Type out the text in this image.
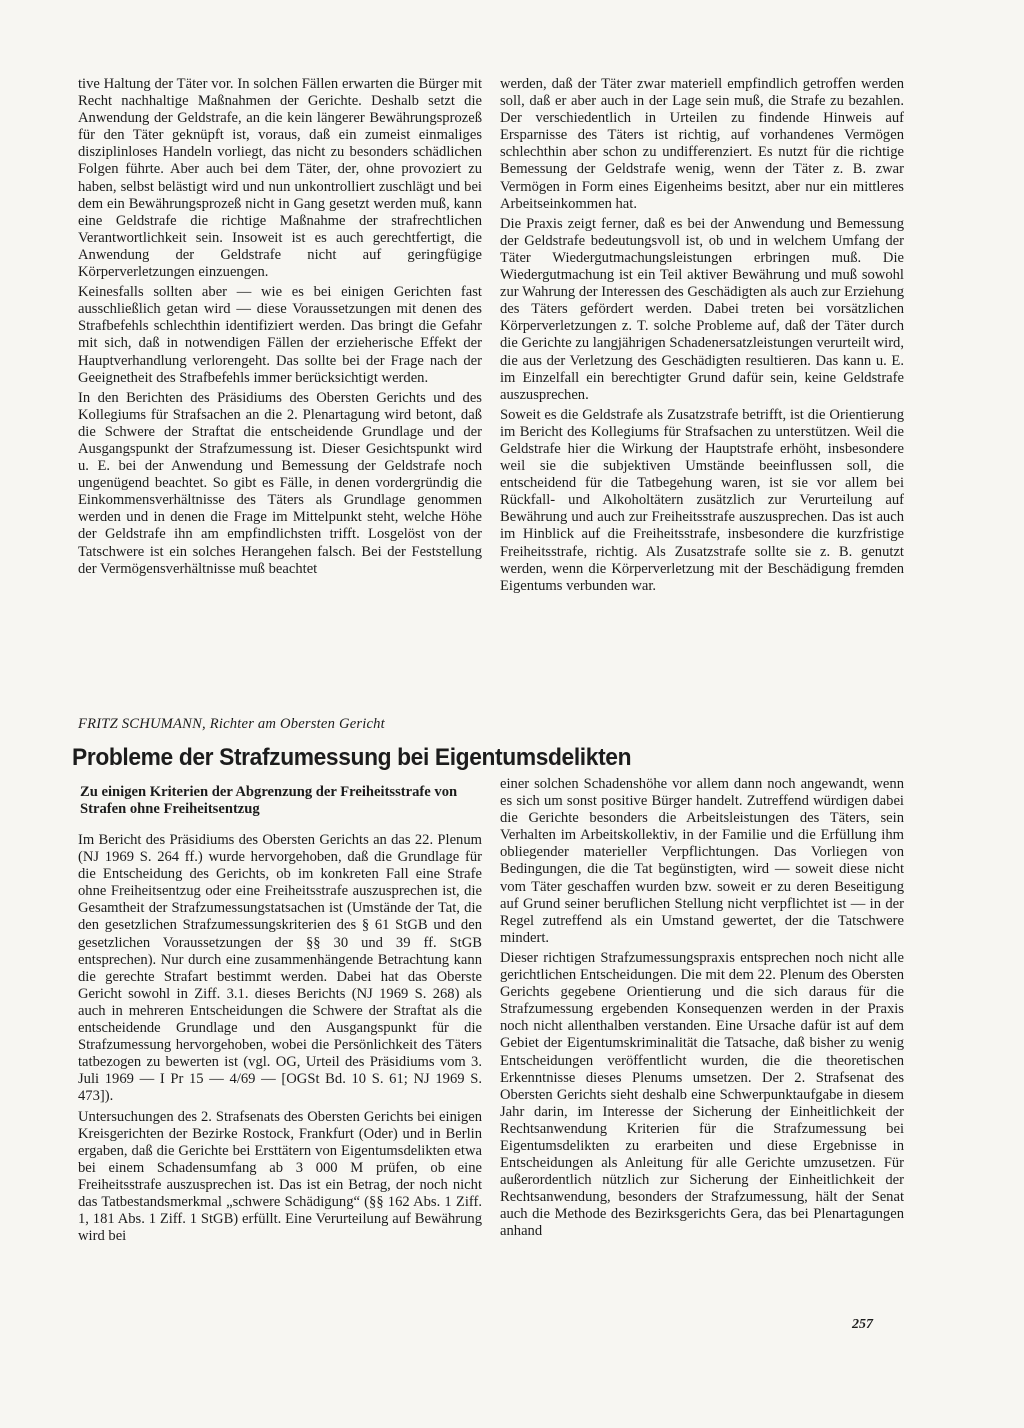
tive Haltung der Täter vor. In solchen Fällen erwarten die Bürger mit Recht nachhaltige Maßnahmen der Gerichte. Deshalb setzt die Anwendung der Geldstrafe, an die kein längerer Bewährungsprozeß für den Täter geknüpft ist, voraus, daß ein zumeist einmaliges disziplinloses Handeln vorliegt, das nicht zu besonders schädlichen Folgen führte. Aber auch bei dem Täter, der, ohne provoziert zu haben, selbst belästigt wird und nun unkontrolliert zuschlägt und bei dem ein Bewährungsprozeß nicht in Gang gesetzt werden muß, kann eine Geldstrafe die richtige Maßnahme der strafrechtlichen Verantwortlichkeit sein. Insoweit ist es auch gerechtfertigt, die Anwendung der Geldstrafe nicht auf geringfügige Körperverletzungen einzuengen.

Keinesfalls sollten aber — wie es bei einigen Gerichten fast ausschließlich getan wird — diese Voraussetzungen mit denen des Strafbefehls schlechthin identifiziert werden. Das bringt die Gefahr mit sich, daß in notwendigen Fällen der erzieherische Effekt der Hauptverhandlung verlorengeht. Das sollte bei der Frage nach der Geeignetheit des Strafbefehls immer berücksichtigt werden.

In den Berichten des Präsidiums des Obersten Gerichts und des Kollegiums für Strafsachen an die 2. Plenartagung wird betont, daß die Schwere der Straftat die entscheidende Grundlage und der Ausgangspunkt der Strafzumessung ist. Dieser Gesichtspunkt wird u. E. bei der Anwendung und Bemessung der Geldstrafe noch ungenügend beachtet. So gibt es Fälle, in denen vordergründig die Einkommensverhältnisse des Täters als Grundlage genommen werden und in denen die Frage im Mittelpunkt steht, welche Höhe der Geldstrafe ihn am empfindlichsten trifft. Losgelöst von der Tatschwere ist ein solches Herangehen falsch. Bei der Feststellung der Vermögensverhältnisse muß beachtet

werden, daß der Täter zwar materiell empfindlich getroffen werden soll, daß er aber auch in der Lage sein muß, die Strafe zu bezahlen. Der verschiedentlich in Urteilen zu findende Hinweis auf Ersparnisse des Täters ist richtig, auf vorhandenes Vermögen schlechthin aber schon zu undifferenziert. Es nutzt für die richtige Bemessung der Geldstrafe wenig, wenn der Täter z. B. zwar Vermögen in Form eines Eigenheims besitzt, aber nur ein mittleres Arbeitseinkommen hat.

Die Praxis zeigt ferner, daß es bei der Anwendung und Bemessung der Geldstrafe bedeutungsvoll ist, ob und in welchem Umfang der Täter Wiedergutmachungsleistungen erbringen muß. Die Wiedergutmachung ist ein Teil aktiver Bewährung und muß sowohl zur Wahrung der Interessen des Geschädigten als auch zur Erziehung des Täters gefördert werden. Dabei treten bei vorsätzlichen Körperverletzungen z. T. solche Probleme auf, daß der Täter durch die Gerichte zu langjährigen Schadenersatzleistungen verurteilt wird, die aus der Verletzung des Geschädigten resultieren. Das kann u. E. im Einzelfall ein berechtigter Grund dafür sein, keine Geldstrafe auszusprechen.

Soweit es die Geldstrafe als Zusatzstrafe betrifft, ist die Orientierung im Bericht des Kollegiums für Strafsachen zu unterstützen. Weil die Geldstrafe hier die Wirkung der Hauptstrafe erhöht, insbesondere weil sie die subjektiven Umstände beeinflussen soll, die entscheidend für die Tatbegehung waren, ist sie vor allem bei Rückfall- und Alkoholtätern zusätzlich zur Verurteilung auf Bewährung und auch zur Freiheitsstrafe auszusprechen. Das ist auch im Hinblick auf die Freiheitsstrafe, insbesondere die kurzfristige Freiheitsstrafe, richtig. Als Zusatzstrafe sollte sie z. B. genutzt werden, wenn die Körperverletzung mit der Beschädigung fremden Eigentums verbunden war.

FRITZ SCHUMANN, Richter am Obersten Gericht
Probleme der Strafzumessung bei Eigentumsdelikten
Zu einigen Kriterien der Abgrenzung der Freiheitsstrafe von Strafen ohne Freiheitsentzug

Im Bericht des Präsidiums des Obersten Gerichts an das 22. Plenum (NJ 1969 S. 264 ff.) wurde hervorgehoben, daß die Grundlage für die Entscheidung des Gerichts, ob im konkreten Fall eine Strafe ohne Freiheitsentzug oder eine Freiheitsstrafe auszusprechen ist, die Gesamtheit der Strafzumessungstatsachen ist (Umstände der Tat, die den gesetzlichen Strafzumessungskriterien des § 61 StGB und den gesetzlichen Voraussetzungen der §§ 30 und 39 ff. StGB entsprechen). Nur durch eine zusammenhängende Betrachtung kann die gerechte Strafart bestimmt werden. Dabei hat das Oberste Gericht sowohl in Ziff. 3.1. dieses Berichts (NJ 1969 S. 268) als auch in mehreren Entscheidungen die Schwere der Straftat als die entscheidende Grundlage und den Ausgangspunkt für die Strafzumessung hervorgehoben, wobei die Persönlichkeit des Täters tatbezogen zu bewerten ist (vgl. OG, Urteil des Präsidiums vom 3. Juli 1969 — I Pr 15 — 4/69 — [OGSt Bd. 10 S. 61; NJ 1969 S. 473]).

Untersuchungen des 2. Strafsenats des Obersten Gerichts bei einigen Kreisgerichten der Bezirke Rostock, Frankfurt (Oder) und in Berlin ergaben, daß die Gerichte bei Ersttätern von Eigentumsdelikten etwa bei einem Schadensumfang ab 3 000 M prüfen, ob eine Freiheitsstrafe auszusprechen ist. Das ist ein Betrag, der noch nicht das Tatbestandsmerkmal „schwere Schädigung“ (§§ 162 Abs. 1 Ziff. 1, 181 Abs. 1 Ziff. 1 StGB) erfüllt. Eine Verurteilung auf Bewährung wird bei

einer solchen Schadenshöhe vor allem dann noch angewandt, wenn es sich um sonst positive Bürger handelt. Zutreffend würdigen dabei die Gerichte besonders die Arbeitsleistungen des Täters, sein Verhalten im Arbeitskollektiv, in der Familie und die Erfüllung ihm obliegender materieller Verpflichtungen. Das Vorliegen von Bedingungen, die die Tat begünstigten, wird — soweit diese nicht vom Täter geschaffen wurden bzw. soweit er zu deren Beseitigung auf Grund seiner beruflichen Stellung nicht verpflichtet ist — in der Regel zutreffend als ein Umstand gewertet, der die Tatschwere mindert.

Dieser richtigen Strafzumessungspraxis entsprechen noch nicht alle gerichtlichen Entscheidungen. Die mit dem 22. Plenum des Obersten Gerichts gegebene Orientierung und die sich daraus für die Strafzumessung ergebenden Konsequenzen werden in der Praxis noch nicht allenthalben verstanden. Eine Ursache dafür ist auf dem Gebiet der Eigentumskriminalität die Tatsache, daß bisher zu wenig Entscheidungen veröffentlicht wurden, die die theoretischen Erkenntnisse dieses Plenums umsetzen. Der 2. Strafsenat des Obersten Gerichts sieht deshalb eine Schwerpunktaufgabe in diesem Jahr darin, im Interesse der Sicherung der Einheitlichkeit der Rechtsanwendung Kriterien für die Strafzumessung bei Eigentumsdelikten zu erarbeiten und diese Ergebnisse in Entscheidungen als Anleitung für alle Gerichte umzusetzen. Für außerordentlich nützlich zur Sicherung der Einheitlichkeit der Rechtsanwendung, besonders der Strafzumessung, hält der Senat auch die Methode des Bezirksgerichts Gera, das bei Plenartagungen anhand

257
